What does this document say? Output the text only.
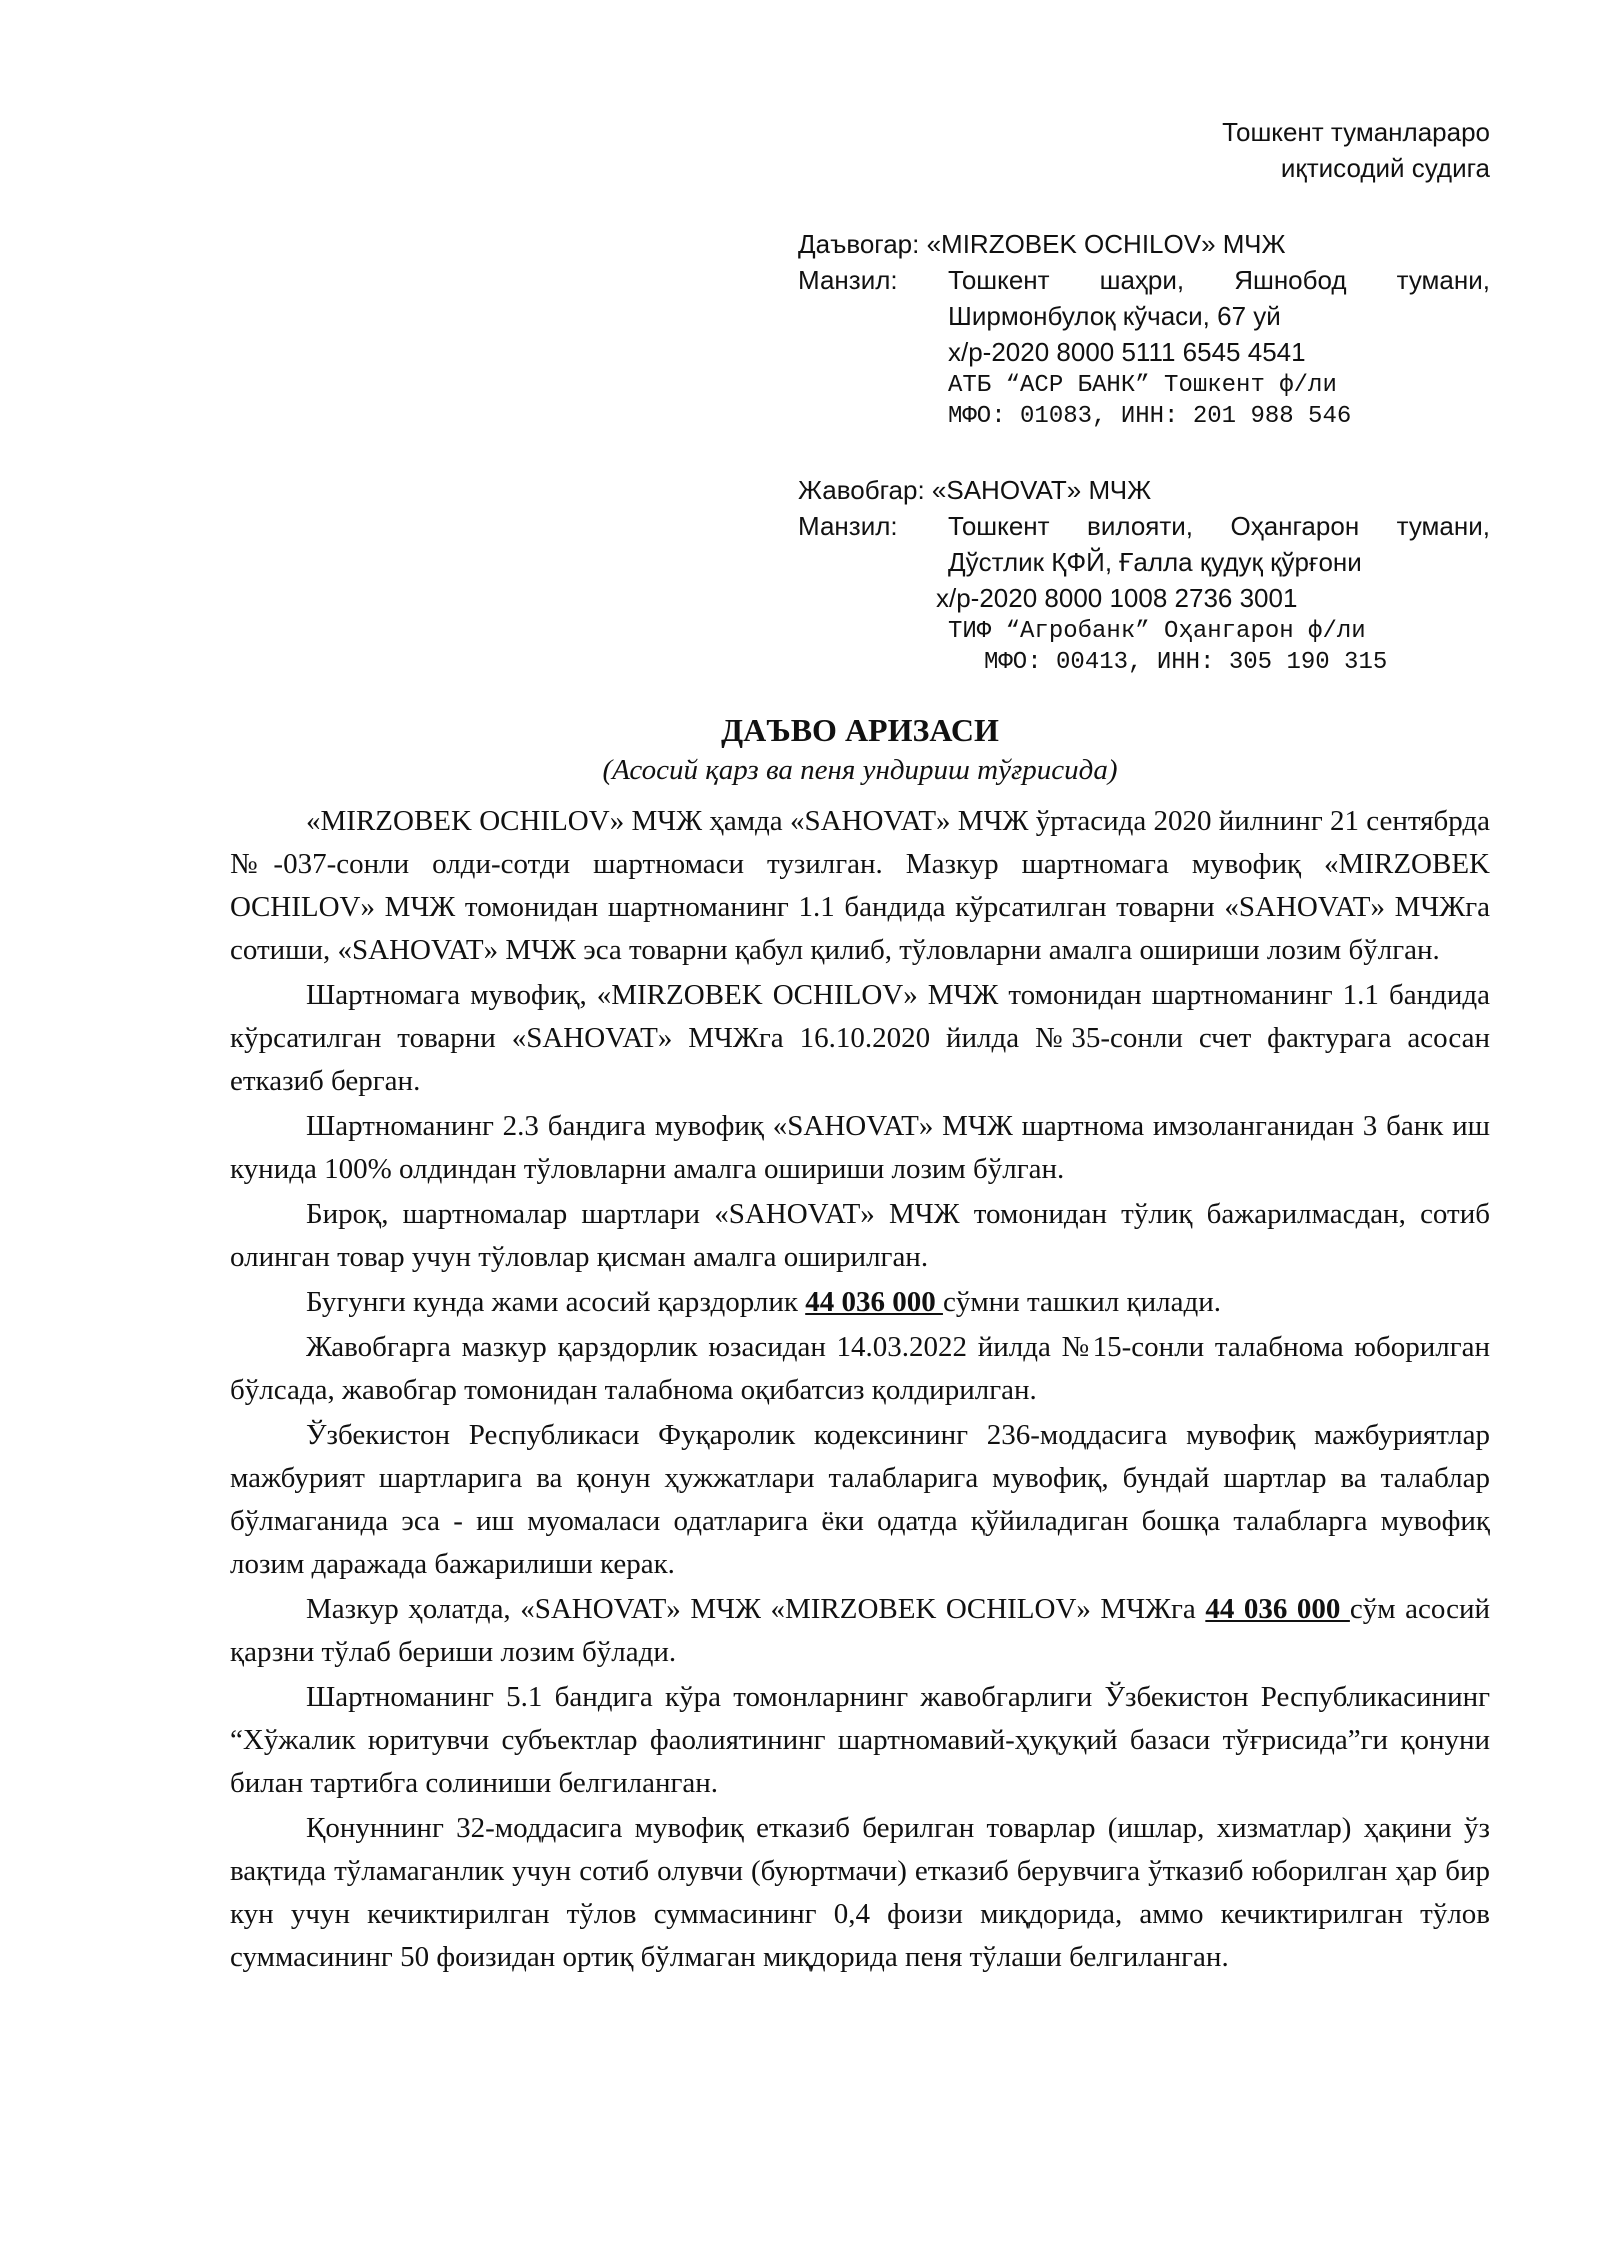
Тошкент туманлараро
иқтисодий судига
Даъвогар: «MIRZOBEK OCHILOV» МЧЖ
Манзил:	Тошкент шаҳри, Яшнобод тумани,
Ширмонбулоқ кўчаси, 67 уй
х/р-2020 8000 5111 6545 4541
АТБ “АСР БАНК” Тошкент ф/ли
МФО: 01083, ИНН: 201 988 546
Жавобгар: «SAHOVAT» МЧЖ
Манзил:	Тошкент вилояти, Оҳангарон тумани,
Дўстлик ҚФЙ, Ғалла қудуқ қўрғони
х/р-2020 8000 1008 2736 3001
ТИФ “Агробанк” Оҳангарон ф/ли
МФО: 00413, ИНН: 305 190 315
ДАЪВО АРИЗАСИ
(Асосий қарз ва пеня ундириш тўғрисида)

«MIRZOBEK OCHILOV» МЧЖ ҳамда «SAHOVAT» МЧЖ ўртасида 2020 йилнинг 21 сентябрда №-037-сонли олди-сотди шартномаси тузилган. Мазкур шартномага мувофиқ «MIRZOBEK OCHILOV» МЧЖ томонидан шартноманинг 1.1 бандида кўрсатилган товарни «SAHOVAT» МЧЖга сотиши, «SAHOVAT» МЧЖ эса товарни қабул қилиб, тўловларни амалга ошириши лозим бўлган.

Шартномага мувофиқ, «MIRZOBEK OCHILOV» МЧЖ томонидан шартноманинг 1.1 бандида кўрсатилган товарни «SAHOVAT» МЧЖга 16.10.2020 йилда №35-сонли счет фактурага асосан етказиб берган.

Шартноманинг 2.3 бандига мувофиқ «SAHOVAT» МЧЖ шартнома имзоланганидан 3 банк иш кунида 100% олдиндан тўловларни амалга ошириши лозим бўлган.

Бироқ, шартномалар шартлари «SAHOVAT» МЧЖ томонидан тўлиқ бажарилмасдан, сотиб олинган товар учун тўловлар қисман амалга оширилган.

Бугунги кунда жами асосий қарздорлик 44 036 000 сўмни ташкил қилади.

Жавобгарга мазкур қарздорлик юзасидан 14.03.2022 йилда №15-сонли талабнома юборилган бўлсада, жавобгар томонидан талабнома оқибатсиз қолдирилган.

Ўзбекистон Республикаси Фуқаролик кодексининг 236-моддасига мувофиқ мажбуриятлар мажбурият шартларига ва қонун ҳужжатлари талабларига мувофиқ, бундай шартлар ва талаблар бўлмаганида эса - иш муомаласи одатларига ёки одатда қўйиладиган бошқа талабларга мувофиқ лозим даражада бажарилиши керак.

Мазкур ҳолатда, «SAHOVAT» МЧЖ «MIRZOBEK OCHILOV» МЧЖга 44 036 000 сўм асосий қарзни тўлаб бериши лозим бўлади.

Шартноманинг 5.1 бандига кўра томонларнинг жавобгарлиги Ўзбекистон Республикасининг “Хўжалик юритувчи субъектлар фаолиятининг шартномавий-ҳуқуқий базаси тўғрисида”ги қонуни билан тартибга солиниши белгиланган.

Қонуннинг 32-моддасига мувофиқ етказиб берилган товарлар (ишлар, хизматлар) ҳақини ўз вақтида тўламаганлик учун сотиб олувчи (буюртмачи) етказиб берувчига ўтказиб юборилган ҳар бир кун учун кечиктирилган тўлов суммасининг 0,4 фоизи миқдорида, аммо кечиктирилган тўлов суммасининг 50 фоизидан ортиқ бўлмаган миқдорида пеня тўлаши белгиланган.
